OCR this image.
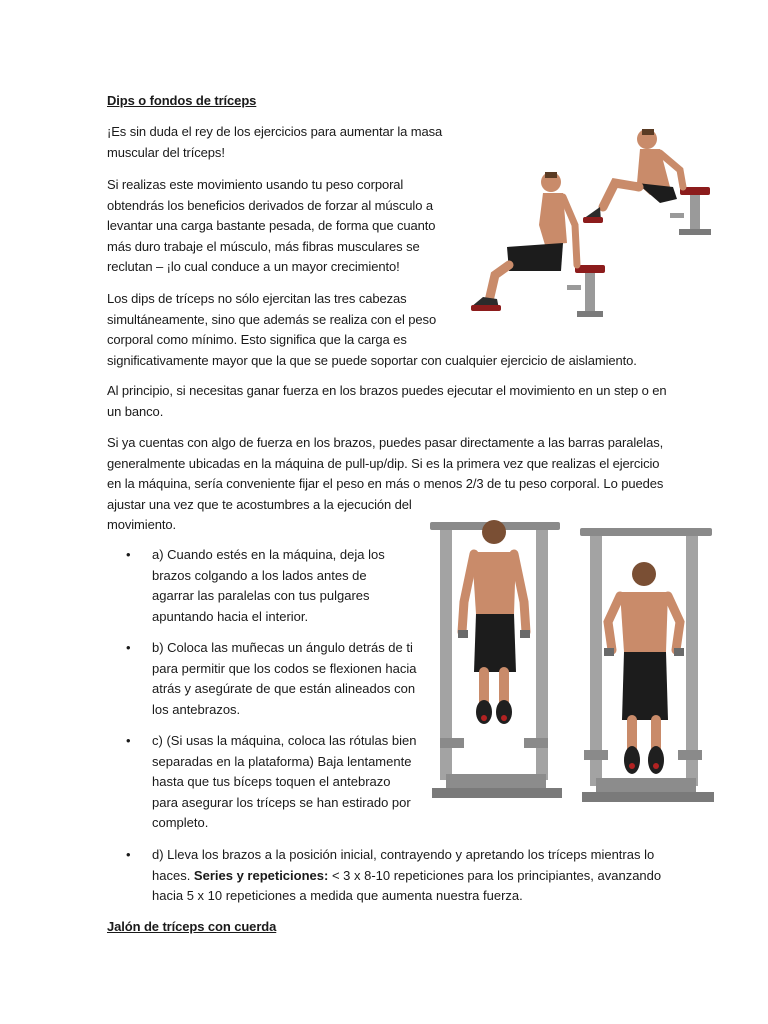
Dips o fondos de tríceps
¡Es sin duda el rey de los ejercicios para aumentar la masa muscular del tríceps!
Si realizas este movimiento usando tu peso corporal obtendrás los beneficios derivados de forzar al músculo a levantar una carga bastante pesada, de forma que cuanto más duro trabaje el músculo, más fibras musculares se reclutan – ¡lo cual conduce a un mayor crecimiento!
Los dips de tríceps no sólo ejercitan las tres cabezas simultáneamente, sino que además se realiza con el peso corporal como mínimo. Esto significa que la carga es
significativamente mayor que la que se puede soportar con cualquier ejercicio de aislamiento.
Al principio, si necesitas ganar fuerza en los brazos puedes ejecutar el movimiento en un step o en un banco.
Si ya cuentas con algo de fuerza en los brazos, puedes pasar directamente a las barras paralelas, generalmente ubicadas en la máquina de pull-up/dip. Si es la primera vez que realizas el ejercicio en la máquina, sería conveniente fijar el peso en más o menos 2/3 de tu peso corporal. Lo puedes
ajustar una vez que te acostumbres a la ejecución del
movimiento.
•	a) Cuando estés en la máquina, deja los brazos colgando a los lados antes de agarrar las paralelas con tus pulgares apuntando hacia el interior.
•	b) Coloca las muñecas un ángulo detrás de ti para permitir que los codos se flexionen hacia atrás y asegúrate de que están alineados con los antebrazos.
•	c) (Si usas la máquina, coloca las rótulas bien separadas en la plataforma) Baja lentamente hasta que tus bíceps toquen el antebrazo para asegurar los tríceps se han estirado por completo.
•	d) Lleva los brazos a la posición inicial, contrayendo y apretando los tríceps mientras lo haces. Series y repeticiones: < 3 x 8-10 repeticiones para los principiantes, avanzando hacia 5 x 10 repeticiones a medida que aumenta nuestra fuerza.
Jalón de tríceps con cuerda
